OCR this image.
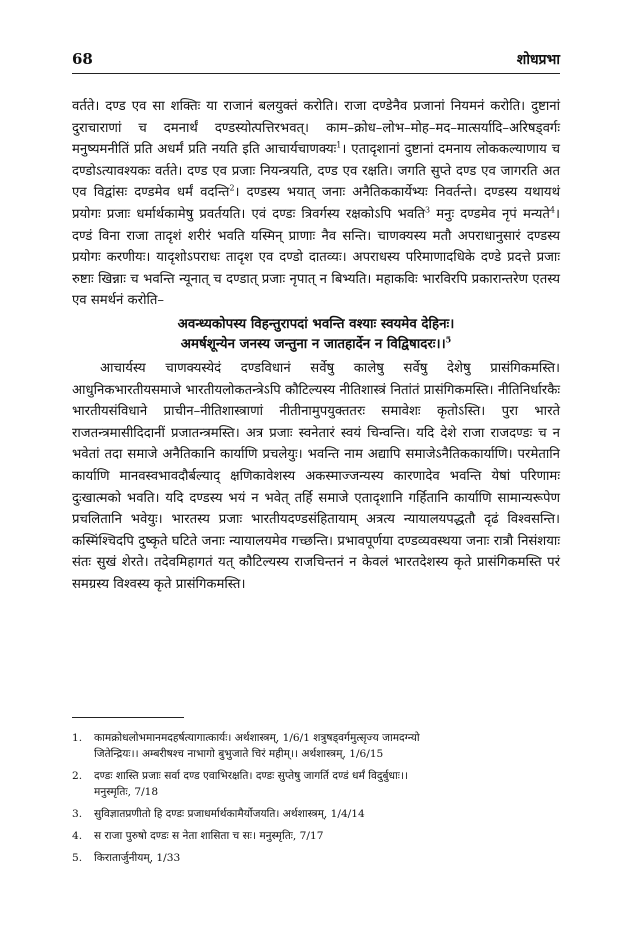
68	शोधप्रभा

वर्तते। दण्ड एव सा शक्तिः या राजानं बलयुक्तं करोति। राजा दण्डेनैव प्रजानां नियमनं करोति। दुष्टानां दुराचाराणां च दमनार्थं दण्डस्योत्पत्तिरभवत्। काम–क्रोध–लोभ–मोह–मद–मात्सर्यादि–अरिषड्वर्गः मनुष्यमनीतिं प्रति अधर्मं प्रति नयति इति आचार्यचाणक्यः$^1$। एतादृशानां दुष्टानां दमनाय लोककल्याणाय च दण्डोऽत्यावश्यकः वर्तते। दण्ड एव प्रजाः नियन्त्रयति, दण्ड एव रक्षति। जगति सुप्ते दण्ड एव जागरति अत एव विद्वांसः दण्डमेव धर्मं वदन्ति$^2$। दण्डस्य भयात् जनाः अनैतिककार्येभ्यः निवर्तन्ते। दण्डस्य यथायथं प्रयोगः प्रजाः धर्मार्थकामेषु प्रवर्तयति। एवं दण्डः त्रिवर्गस्य रक्षकोऽपि भवति$^3$ मनुः दण्डमेव नृपं मन्यते$^4$। दण्डं विना राजा तादृशं शरीरं भवति यस्मिन् प्राणाः नैव सन्ति। चाणक्यस्य मतौ अपराधानुसारं दण्डस्य प्रयोगः करणीयः। यादृशोऽपराधः तादृश एव दण्डो दातव्यः। अपराधस्य परिमाणादधिके दण्डे प्रदत्ते प्रजाः रुष्टाः खिन्नाः च भवन्ति न्यूनात् च दण्डात् प्रजाः नृपात् न बिभ्यति। महाकविः भारविरपि प्रकारान्तरेण एतस्य एव समर्थनं करोति–

अवन्ध्यकोपस्य विहन्तुरापदां भवन्ति वश्याः स्वयमेव देहिनः।
अमर्षशून्येन जनस्य जन्तुना न जातहार्देन न विद्विषादरः।।$^5$

आचार्यस्य चाणक्यस्येदं दण्डविधानं सर्वेषु कालेषु सर्वेषु देशेषु प्रासंगिकमस्ति। आधुनिकभारतीयसमाजे भारतीयलोकतन्त्रेऽपि कौटिल्यस्य नीतिशास्त्रं नितांतं प्रासंगिकमस्ति। नीतिनिर्धारकैः भारतीयसंविधाने प्राचीन–नीतिशास्त्राणां नीतीनामुपयुक्ततरः समावेशः कृतोऽस्ति। पुरा भारते राजतन्त्रमासीदिदानीं प्रजातन्त्रमस्ति। अत्र प्रजाः स्वनेतारं स्वयं चिन्वन्ति। यदि देशे राजा राजदण्डः च न भवेतां तदा समाजे अनैतिकानि कार्याणि प्रचलेयुः। भवन्ति नाम अद्यापि समाजेऽनैतिककार्याणि। परमेतानि कार्याणि मानवस्वभावदौर्बल्याद् क्षणिकावेशस्य अकस्माज्जन्यस्य कारणादेव भवन्ति येषां परिणामः दुःखात्मको भवति। यदि दण्डस्य भयं न भवेत् तर्हि समाजे एतादृशानि गर्हितानि कार्याणि सामान्यरूपेण प्रचलितानि भवेयुः। भारतस्य प्रजाः भारतीयदण्डसंहितायाम् अत्रत्य न्यायालयपद्धतौ दृढं विश्वसन्ति। कस्मिंश्चिदपि दुष्कृते घटिते जनाः न्यायालयमेव गच्छन्ति। प्रभावपूर्णया दण्डव्यवस्थया जनाः रात्रौ निसंशयाः संतः सुखं शेरते। तदेवमिहागतं यत् कौटिल्यस्य राजचिन्तनं न केवलं भारतदेशस्य कृते प्रासंगिकमस्ति परं समग्रस्य विश्वस्य कृते प्रासंगिकमस्ति।

1. कामक्रोधलोभमानमदहर्षत्यागात्कार्यः। अर्थशास्त्रम्, 1/6/1 शत्रुषड्वर्गमुत्सृज्य जामदग्न्यो
जितेन्द्रियः।। अम्बरीषश्च नाभागो बुभुजाते चिरं महीम्।। अर्थशास्त्रम्, 1/6/15
2. दण्डः शास्ति प्रजाः सर्वा दण्ड एवाभिरक्षति। दण्डः सुप्तेषु जागर्ति दण्डं धर्मं विदुर्बुधाः।।
मनुस्मृतिः, 7/18
3. सुविज्ञातप्रणीतो हि दण्डः प्रजाधर्मार्थकामैर्योजयति। अर्थशास्त्रम्, 1/4/14
4. स राजा पुरुषो दण्डः स नेता शासिता च सः। मनुस्मृतिः, 7/17
5. किरातार्जुनीयम्, 1/33
